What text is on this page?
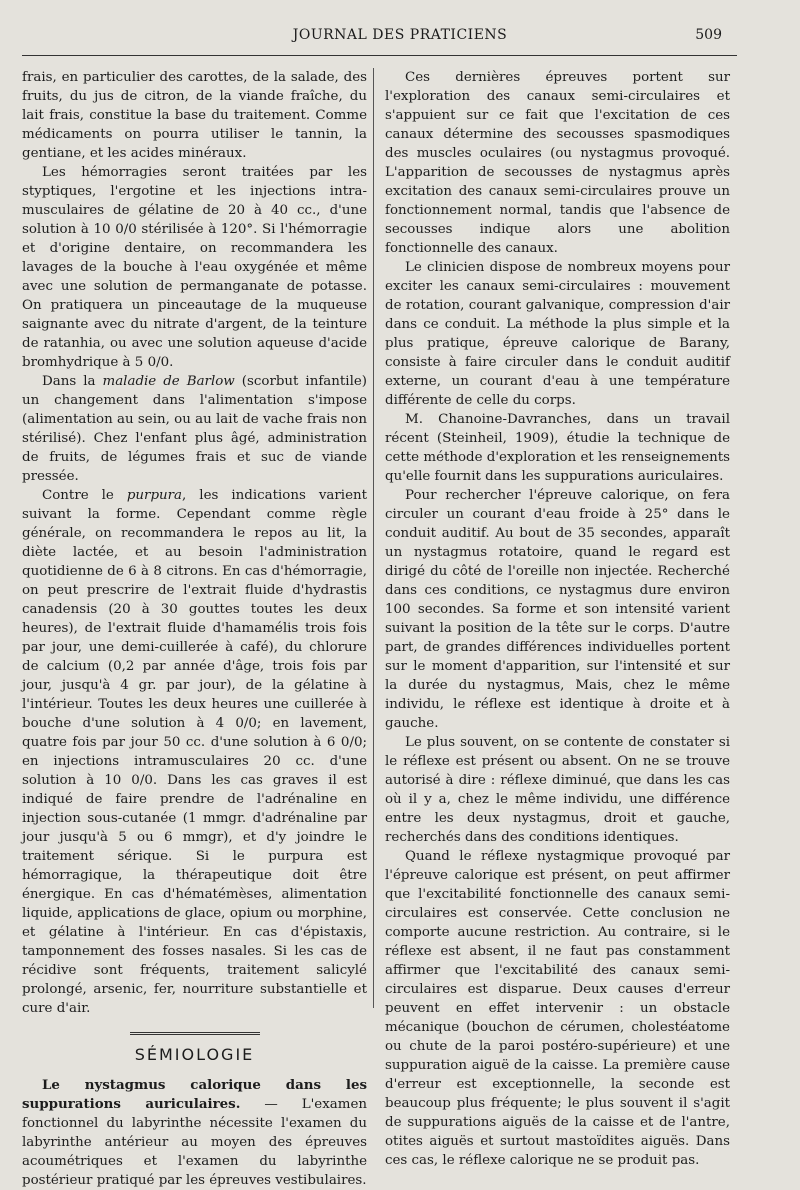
JOURNAL DES PRATICIENS	509

frais, en particulier des carottes, de la salade, des fruits, du jus de citron, de la viande fraîche, du lait frais, constitue la base du traitement. Comme médicaments on pourra utiliser le tannin, la gentiane, et les acides minéraux.

Les hémorragies seront traitées par les styptiques, l'ergotine et les injections intra-musculaires de gélatine de 20 à 40 cc., d'une solution à 10 0/0 stérilisée à 120°. Si l'hémorragie et d'origine dentaire, on recommandera les lavages de la bouche à l'eau oxygénée et même avec une solution de permanganate de potasse. On pratiquera un pinceautage de la muqueuse saignante avec du nitrate d'argent, de la teinture de ratanhia, ou avec une solution aqueuse d'acide bromhydrique à 5 0/0.

Dans la maladie de Barlow (scorbut infantile) un changement dans l'alimentation s'impose (alimentation au sein, ou au lait de vache frais non stérilisé). Chez l'enfant plus âgé, administration de fruits, de légumes frais et suc de viande pressée.

Contre le purpura, les indications varient suivant la forme. Cependant comme règle générale, on recommandera le repos au lit, la diète lactée, et au besoin l'administration quotidienne de 6 à 8 citrons. En cas d'hémorragie, on peut prescrire de l'extrait fluide d'hydrastis canadensis (20 à 30 gouttes toutes les deux heures), de l'extrait fluide d'hamamélis trois fois par jour, une demi-cuillerée à café), du chlorure de calcium (0,2 par année d'âge, trois fois par jour, jusqu'à 4 gr. par jour), de la gélatine à l'intérieur. Toutes les deux heures une cuillerée à bouche d'une solution à 4 0/0; en lavement, quatre fois par jour 50 cc. d'une solution à 6 0/0; en injections intramusculaires 20 cc. d'une solution à 10 0/0. Dans les cas graves il est indiqué de faire prendre de l'adrénaline en injection sous-cutanée (1 mmgr. d'adrénaline par jour jusqu'à 5 ou 6 mmgr), et d'y joindre le traitement sérique. Si le purpura est hémorragique, la thérapeutique doit être énergique. En cas d'hématémèses, alimentation liquide, applications de glace, opium ou morphine, et gélatine à l'intérieur. En cas d'épistaxis, tamponnement des fosses nasales. Si les cas de récidive sont fréquents, traitement salicylé prolongé, arsenic, fer, nourriture substantielle et cure d'air.

SÉMIOLOGIE

Le nystagmus calorique dans les suppurations auriculaires. — L'examen fonctionnel du labyrinthe nécessite l'examen du labyrinthe antérieur au moyen des épreuves acoumétriques et l'examen du labyrinthe postérieur pratiqué par les épreuves vestibulaires.

Ces dernières épreuves portent sur l'exploration des canaux semi-circulaires et s'appuient sur ce fait que l'excitation de ces canaux détermine des secousses spasmodiques des muscles oculaires (ou nystagmus provoqué. L'apparition de secousses de nystagmus après excitation des canaux semi-circulaires prouve un fonctionnement normal, tandis que l'absence de secousses indique alors une abolition fonctionnelle des canaux.

Le clinicien dispose de nombreux moyens pour exciter les canaux semi-circulaires : mouvement de rotation, courant galvanique, compression d'air dans ce conduit. La méthode la plus simple et la plus pratique, épreuve calorique de Barany, consiste à faire circuler dans le conduit auditif externe, un courant d'eau à une température différente de celle du corps.

M. Chanoine-Davranches, dans un travail récent (Steinheil, 1909), étudie la technique de cette méthode d'exploration et les renseignements qu'elle fournit dans les suppurations auriculaires.

Pour rechercher l'épreuve calorique, on fera circuler un courant d'eau froide à 25° dans le conduit auditif. Au bout de 35 secondes, apparaît un nystagmus rotatoire, quand le regard est dirigé du côté de l'oreille non injectée. Recherché dans ces conditions, ce nystagmus dure environ 100 secondes. Sa forme et son intensité varient suivant la position de la tête sur le corps. D'autre part, de grandes différences individuelles portent sur le moment d'apparition, sur l'intensité et sur la durée du nystagmus, Mais, chez le même individu, le réflexe est identique à droite et à gauche.

Le plus souvent, on se contente de constater si le réflexe est présent ou absent. On ne se trouve autorisé à dire : réflexe diminué, que dans les cas où il y a, chez le même individu, une différence entre les deux nystagmus, droit et gauche, recherchés dans des conditions identiques.

Quand le réflexe nystagmique provoqué par l'épreuve calorique est présent, on peut affirmer que l'excitabilité fonctionnelle des canaux semi-circulaires est conservée. Cette conclusion ne comporte aucune restriction. Au contraire, si le réflexe est absent, il ne faut pas constamment affirmer que l'excitabilité des canaux semi-circulaires est disparue. Deux causes d'erreur peuvent en effet intervenir : un obstacle mécanique (bouchon de cérumen, cholestéatome ou chute de la paroi postéro-supérieure) et une suppuration aiguë de la caisse. La première cause d'erreur est exceptionnelle, la seconde est beaucoup plus fréquente; le plus souvent il s'agit de suppurations aiguës de la caisse et de l'antre, otites aiguës et surtout mastoïdites aiguës. Dans ces cas, le réflexe calorique ne se produit pas.
